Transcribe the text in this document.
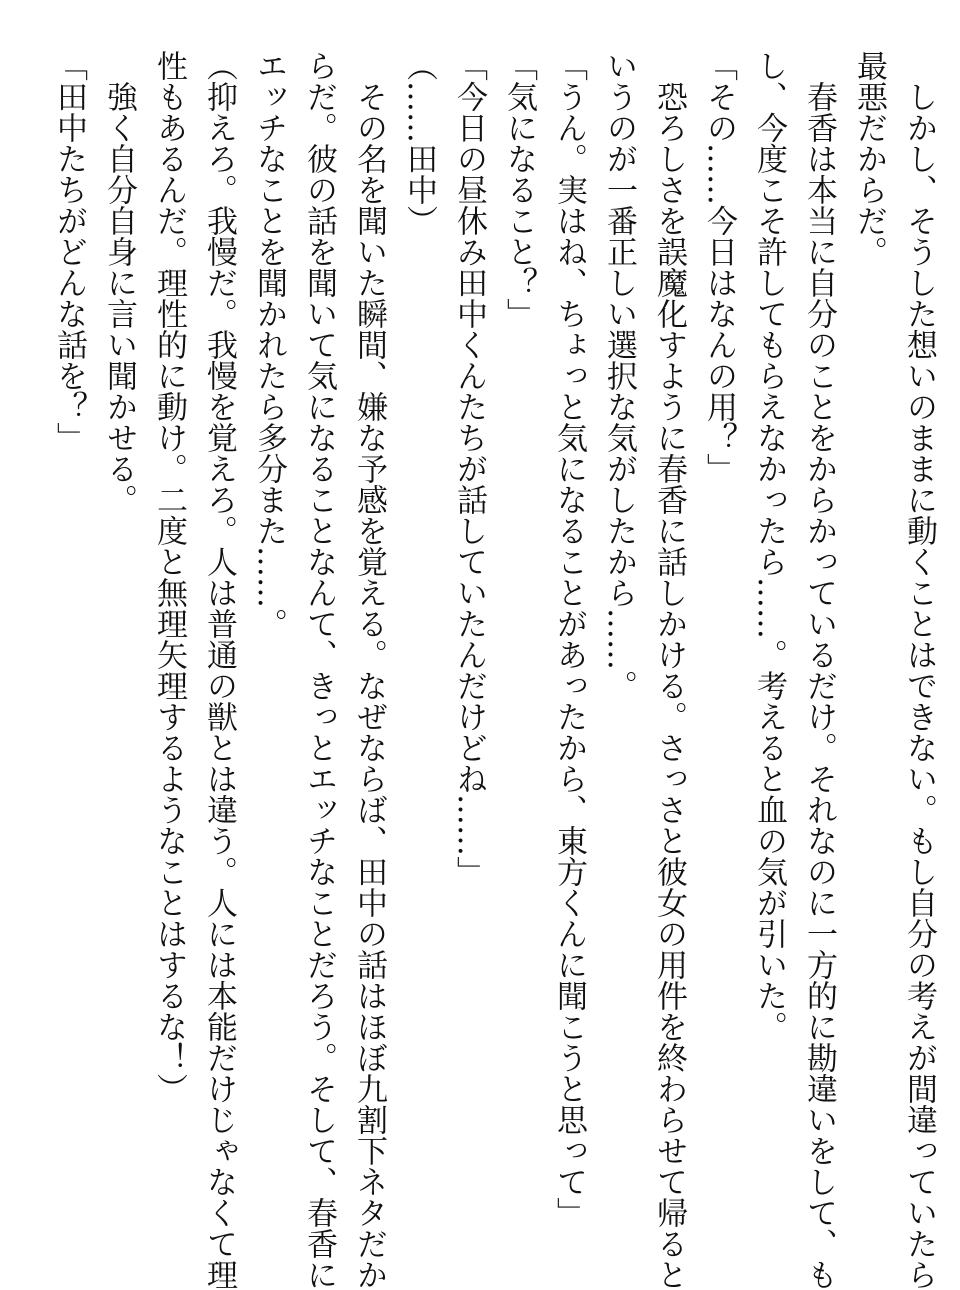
　しかし、そうした想いのままに動くことはできない。もし自分の考えが間違っていたら
最悪だからだ。
　春香は本当に自分のことをからかっているだけ。それなのに一方的に勘違いをして、も
し、今度こそ許してもらえなかったら……。考えると血の気が引いた。
「その……今日はなんの用？」
　恐ろしさを誤魔化すように春香に話しかける。さっさと彼女の用件を終わらせて帰ると
いうのが一番正しい選択な気がしたから……。
「うん。実はね、ちょっと気になることがあったから、東方くんに聞こうと思って」
「気になること？」
「今日の昼休み田中くんたちが話していたんだけどね……」
（……田中）
　その名を聞いた瞬間、嫌な予感を覚える。なぜならば、田中の話はほぼ九割下ネタだか
らだ。彼の話を聞いて気になることなんて、きっとエッチなことだろう。そして、春香に
エッチなことを聞かれたら多分また……。
（抑えろ。我慢だ。我慢を覚えろ。人は普通の獣とは違う。人には本能だけじゃなくて理
性もあるんだ。理性的に動け。二度と無理矢理するようなことはするな！）
　強く自分自身に言い聞かせる。
「田中たちがどんな話を？」
